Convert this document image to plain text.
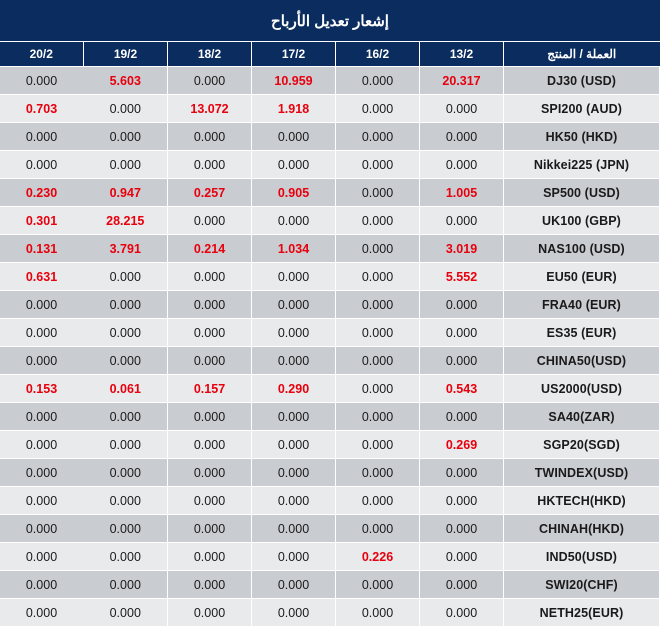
إشعار تعديل الأرباح
العملة / المنتج	13/2	16/2	17/2	18/2	19/2	20/2
DJ30 (USD)	20.317	0.000	10.959	0.000	5.603	0.000
SPI200 (AUD)	0.000	0.000	1.918	13.072	0.000	0.703
HK50 (HKD)	0.000	0.000	0.000	0.000	0.000	0.000
Nikkei225 (JPN)	0.000	0.000	0.000	0.000	0.000	0.000
SP500 (USD)	1.005	0.000	0.905	0.257	0.947	0.230
UK100 (GBP)	0.000	0.000	0.000	0.000	28.215	0.301
NAS100 (USD)	3.019	0.000	1.034	0.214	3.791	0.131
EU50 (EUR)	5.552	0.000	0.000	0.000	0.000	0.631
FRA40 (EUR)	0.000	0.000	0.000	0.000	0.000	0.000
ES35 (EUR)	0.000	0.000	0.000	0.000	0.000	0.000
CHINA50(USD)	0.000	0.000	0.000	0.000	0.000	0.000
US2000(USD)	0.543	0.000	0.290	0.157	0.061	0.153
SA40(ZAR)	0.000	0.000	0.000	0.000	0.000	0.000
SGP20(SGD)	0.269	0.000	0.000	0.000	0.000	0.000
TWINDEX(USD)	0.000	0.000	0.000	0.000	0.000	0.000
HKTECH(HKD)	0.000	0.000	0.000	0.000	0.000	0.000
CHINAH(HKD)	0.000	0.000	0.000	0.000	0.000	0.000
IND50(USD)	0.000	0.226	0.000	0.000	0.000	0.000
SWI20(CHF)	0.000	0.000	0.000	0.000	0.000	0.000
NETH25(EUR)	0.000	0.000	0.000	0.000	0.000	0.000
